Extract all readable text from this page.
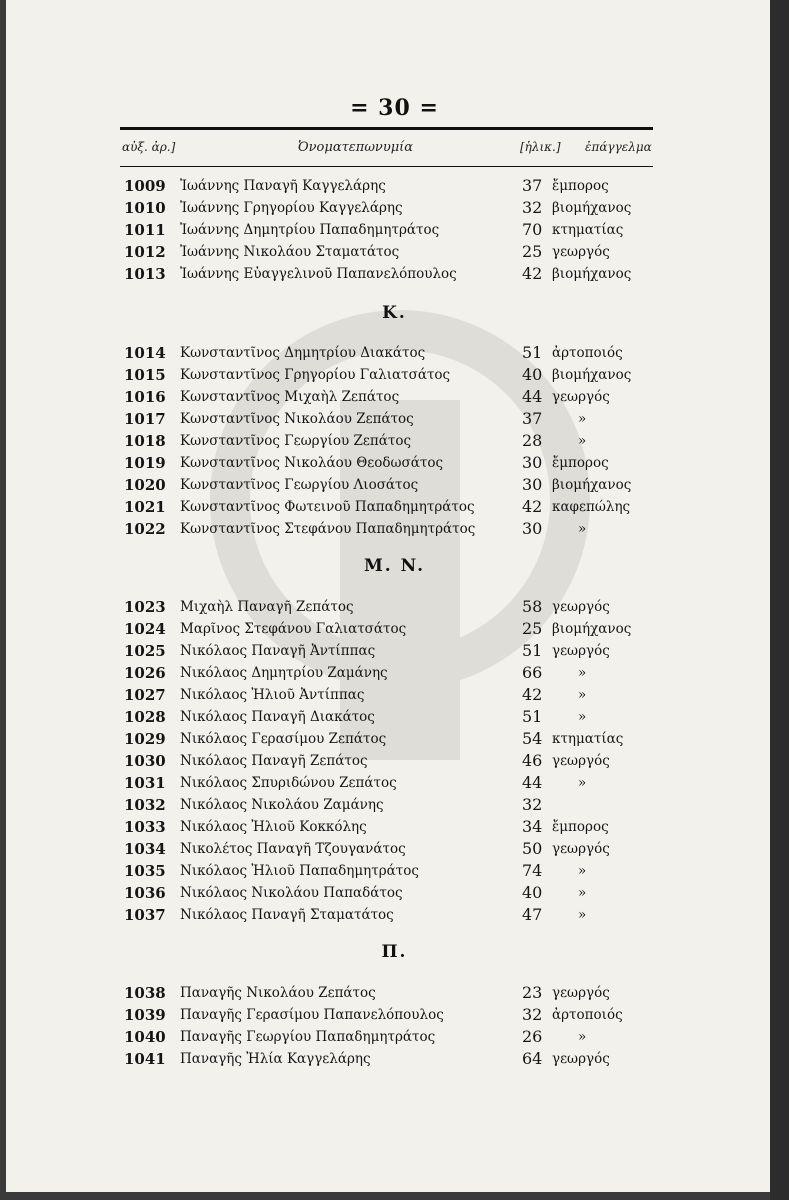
= 30 =
αὐξ. ἀρ.]	Ὀνοματεπωνυμία	[ἡλικ.] ἐπάγγελμα
K.
M. N.
Π.
1009 Ἰωάννης Παναγῆ Καγγελάρης	37 ἔμπορος
1010 Ἰωάννης Γρηγορίου Καγγελάρης	32 βιομήχανος
1011 Ἰωάννης Δημητρίου Παπαδημητράτος	70 κτηματίας
1012 Ἰωάννης Νικολάου Σταματάτος	25 γεωργός
1013 Ἰωάννης Εὐαγγελινοῦ Παπανελόπουλος	42 βιομήχανος
1014 Κωνσταντῖνος Δημητρίου Διακάτος	51 ἀρτοποιός
1015 Κωνσταντῖνος Γρηγορίου Γαλιατσάτος	40 βιομήχανος
1016 Κωνσταντῖνος Μιχαὴλ Ζεπάτος	44 γεωργός
1017 Κωνσταντῖνος Νικολάου Ζεπάτος	37	»
1018 Κωνσταντῖνος Γεωργίου Ζεπάτος	28	»
1019 Κωνσταντῖνος Νικολάου Θεοδωσάτος	30 ἔμπορος
1020 Κωνσταντῖνος Γεωργίου Λιοσάτος	30 βιομήχανος
1021 Κωνσταντῖνος Φωτεινοῦ Παπαδημητράτος	42 καφεπώλης
1022 Κωνσταντῖνος Στεφάνου Παπαδημητράτος	30	»
1023 Μιχαὴλ Παναγῆ Ζεπάτος	58 γεωργός
1024 Μαρῖνος Στεφάνου Γαλιατσάτος	25 βιομήχανος
1025 Νικόλαος Παναγῆ Ἀντίππας	51 γεωργός
1026 Νικόλαος Δημητρίου Ζαμάνης	66	»
1027 Νικόλαος Ἠλιοῦ Ἀντίππας	42	»
1028 Νικόλαος Παναγῆ Διακάτος	51	»
1029 Νικόλαος Γερασίμου Ζεπάτος	54 κτηματίας
1030 Νικόλαος Παναγῆ Ζεπάτος	46 γεωργός
1031 Νικόλαος Σπυριδώνου Ζεπάτος	44	»
1032 Νικόλαος Νικολάου Ζαμάνης	32
1033 Νικόλαος Ἠλιοῦ Κοκκόλης	34 ἔμπορος
1034 Νικολέτος Παναγῆ Τζουγανάτος	50 γεωργός
1035 Νικόλαος Ἠλιοῦ Παπαδημητράτος	74	»
1036 Νικόλαος Νικολάου Παπαδάτος	40	»
1037 Νικόλαος Παναγῆ Σταματάτος	47	»
1038 Παναγῆς Νικολάου Ζεπάτος	23 γεωργός
1039 Παναγῆς Γερασίμου Παπανελόπουλος	32 ἀρτοποιός
1040 Παναγῆς Γεωργίου Παπαδημητράτος	26	»
1041 Παναγῆς Ἠλία Καγγελάρης	64 γεωργός
